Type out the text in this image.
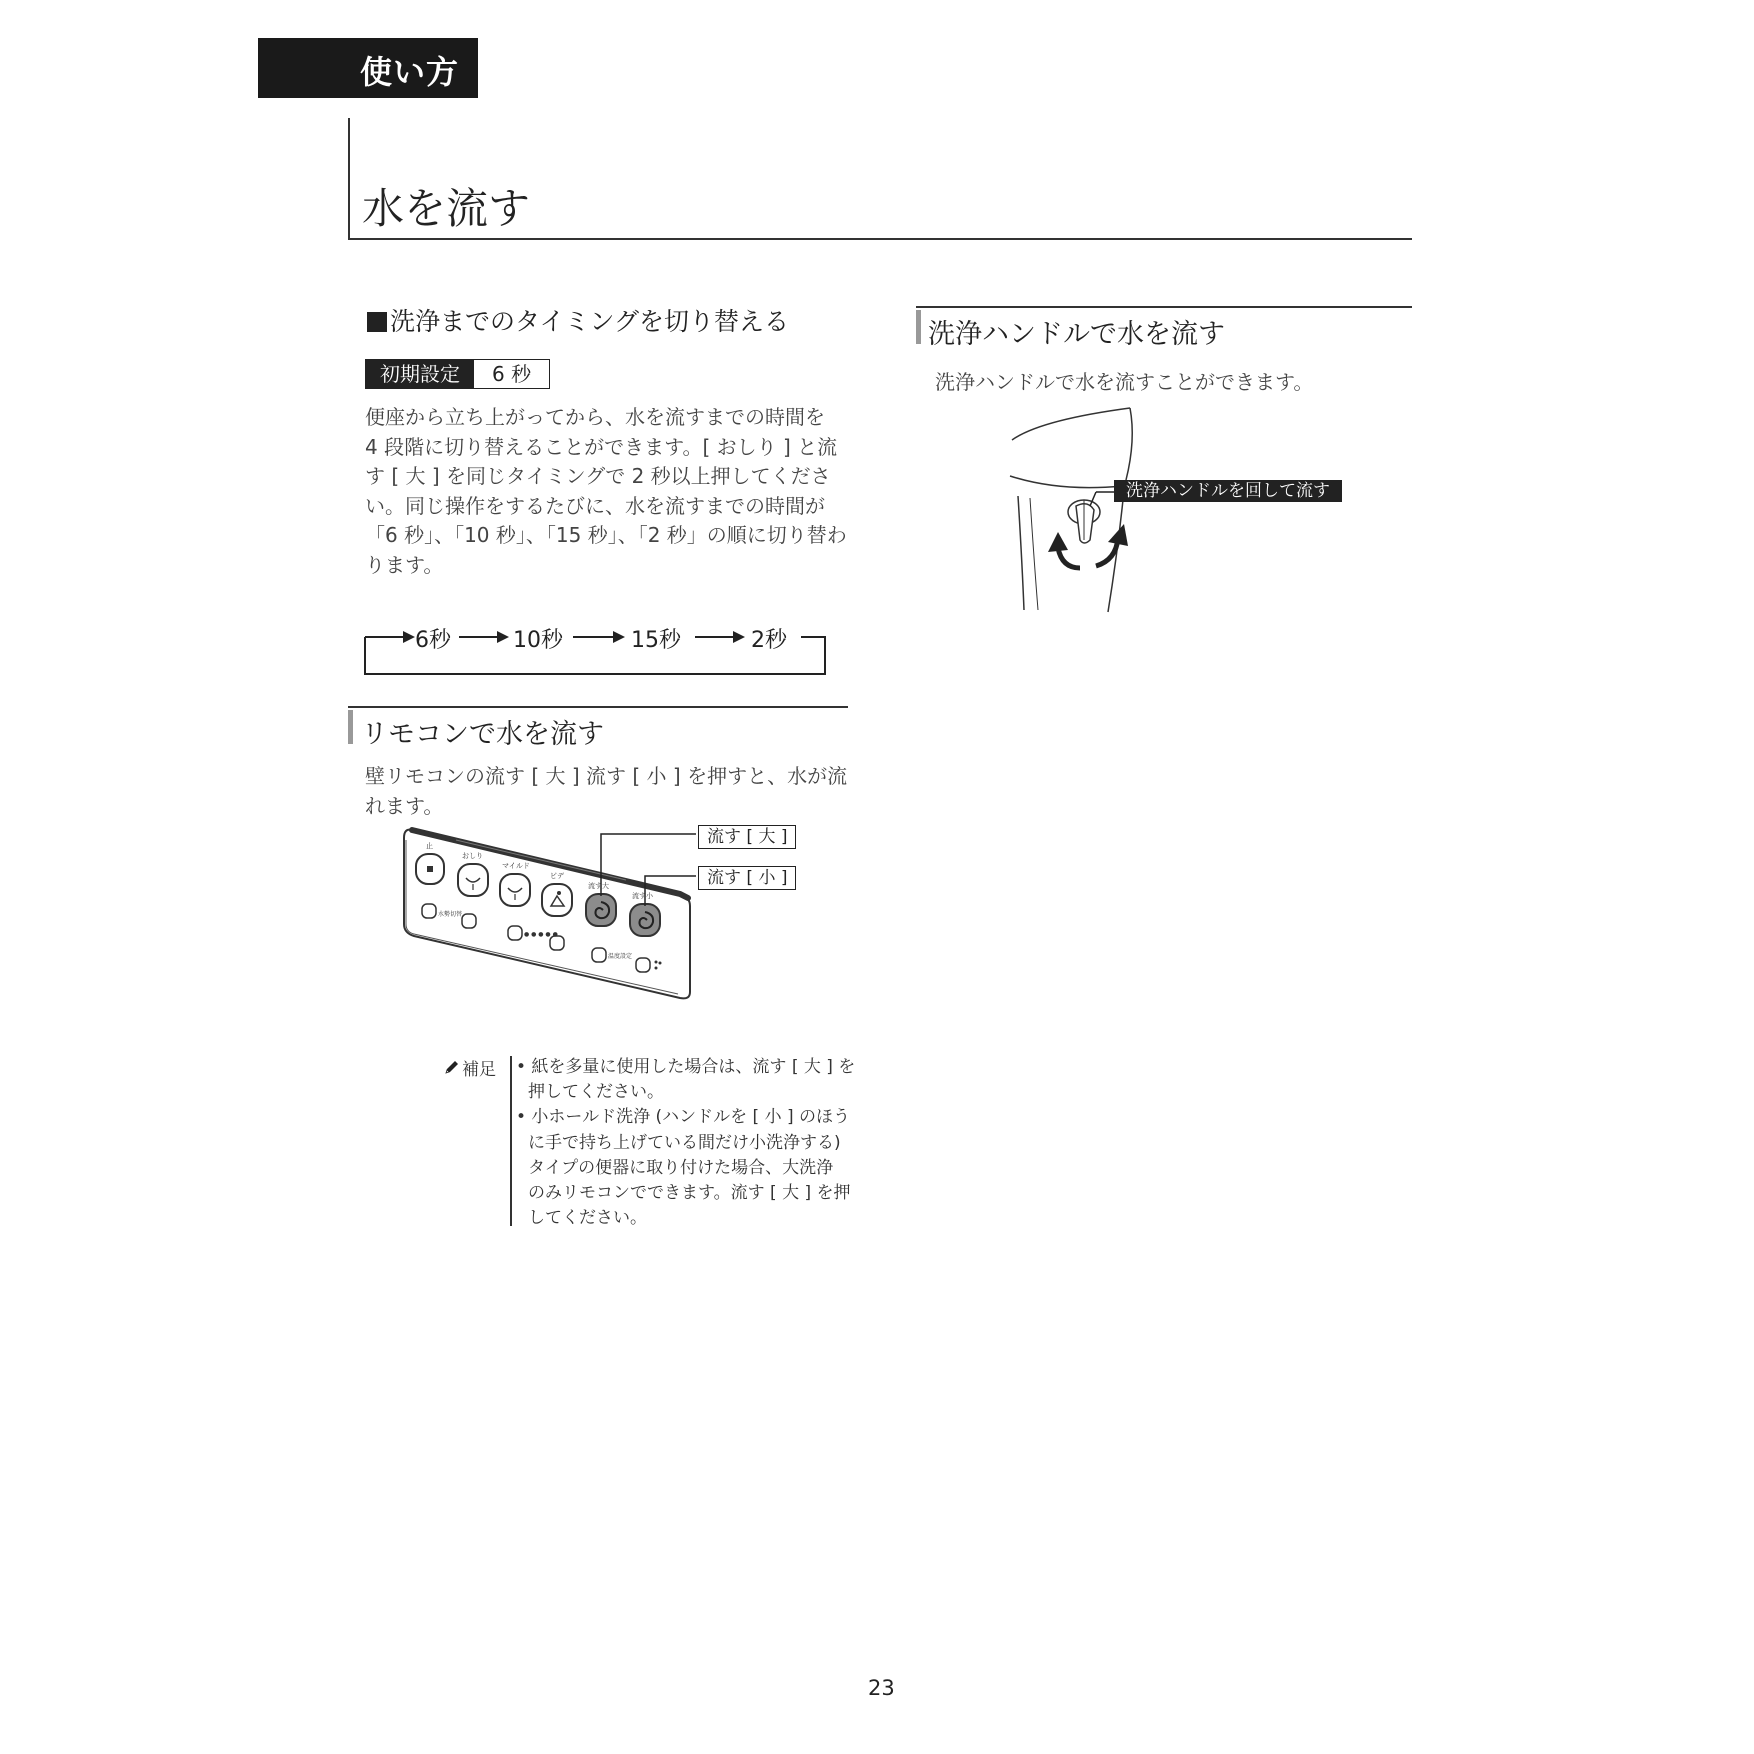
使い方
水を流す
洗浄までのタイミングを切り替える
初期設定	6 秒
便座から立ち上がってから、水を流すまでの時間を
4 段階に切り替えることができます。[ おしり ] と流
す [ 大 ] を同じタイミングで 2 秒以上押してくださ
い。同じ操作をするたびに、水を流すまでの時間が
「6 秒」、「10 秒」、「15 秒」、「2 秒」の順に切り替わ
ります。
6秒	10秒	15秒	2秒
リモコンで水を流す
壁リモコンの流す [ 大 ] 流す [ 小 ] を押すと、水が流
れます。
止
おしり
マイルド
ビデ
流す大
流す小
水勢切替
● ● ● ● ●
温度設定
流す [ 大 ]
流す [ 小 ]
補足 • 紙を多量に使用した場合は、流す [ 大 ] を
押してください。
• 小ホールド洗浄 (ハンドルを [ 小 ] のほう
に手で持ち上げている間だけ小洗浄する)
タイプの便器に取り付けた場合、大洗浄
のみリモコンでできます。流す [ 大 ] を押
してください。
洗浄ハンドルで水を流す
洗浄ハンドルで水を流すことができます。
洗浄ハンドルを回して流す
23
